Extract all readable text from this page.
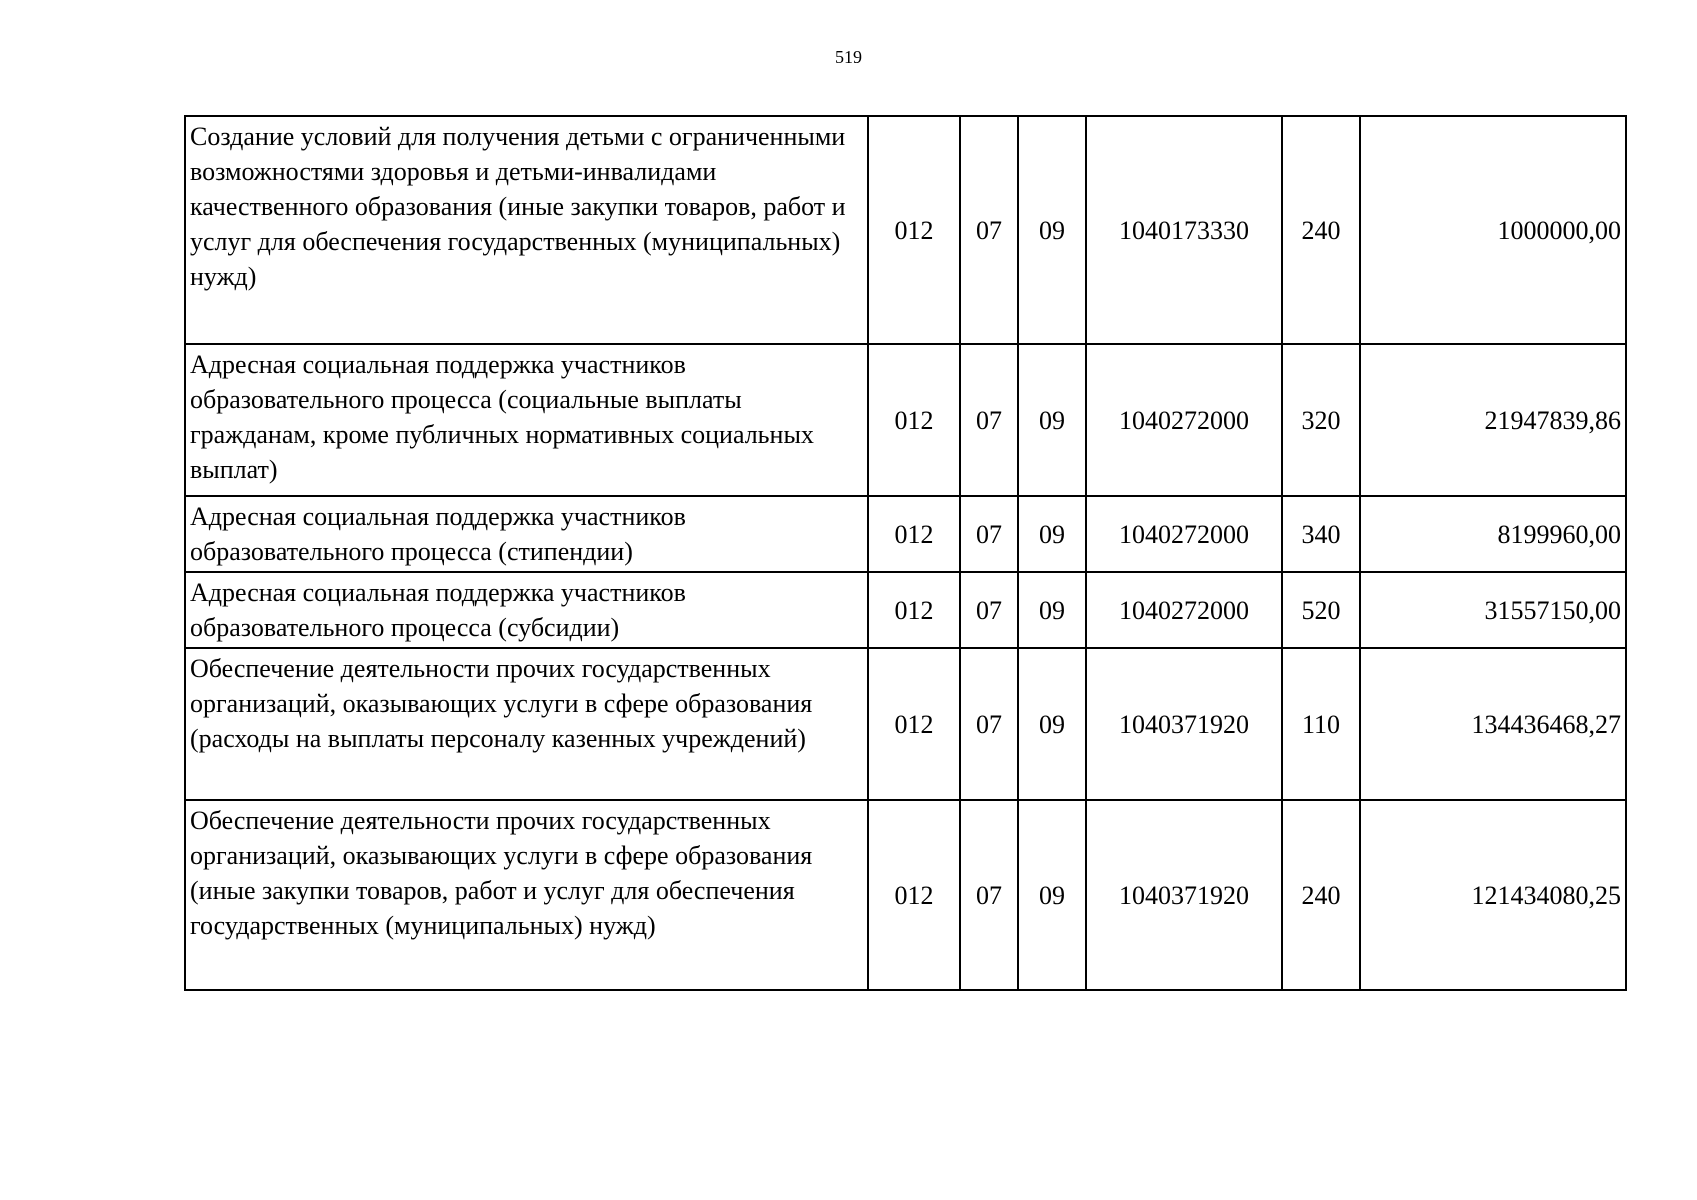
519
Создание условий для получения детьми с ограниченными возможностями здоровья и детьми-инвалидами качественного образования (иные закупки товаров, работ и услуг для обеспечения государственных (муниципальных) нужд)	012	07	09	1040173330	240	1000000,00
Адресная социальная поддержка участников образовательного процесса (социальные выплаты гражданам, кроме публичных нормативных социальных выплат)	012	07	09	1040272000	320	21947839,86
Адресная социальная поддержка участников образовательного процесса (стипендии)	012	07	09	1040272000	340	8199960,00
Адресная социальная поддержка участников образовательного процесса (субсидии)	012	07	09	1040272000	520	31557150,00
Обеспечение деятельности прочих государственных организаций, оказывающих услуги в сфере образования (расходы на выплаты персоналу казенных учреждений)	012	07	09	1040371920	110	134436468,27
Обеспечение деятельности прочих государственных организаций, оказывающих услуги в сфере образования (иные закупки товаров, работ и услуг для обеспечения государственных (муниципальных) нужд)	012	07	09	1040371920	240	121434080,25
